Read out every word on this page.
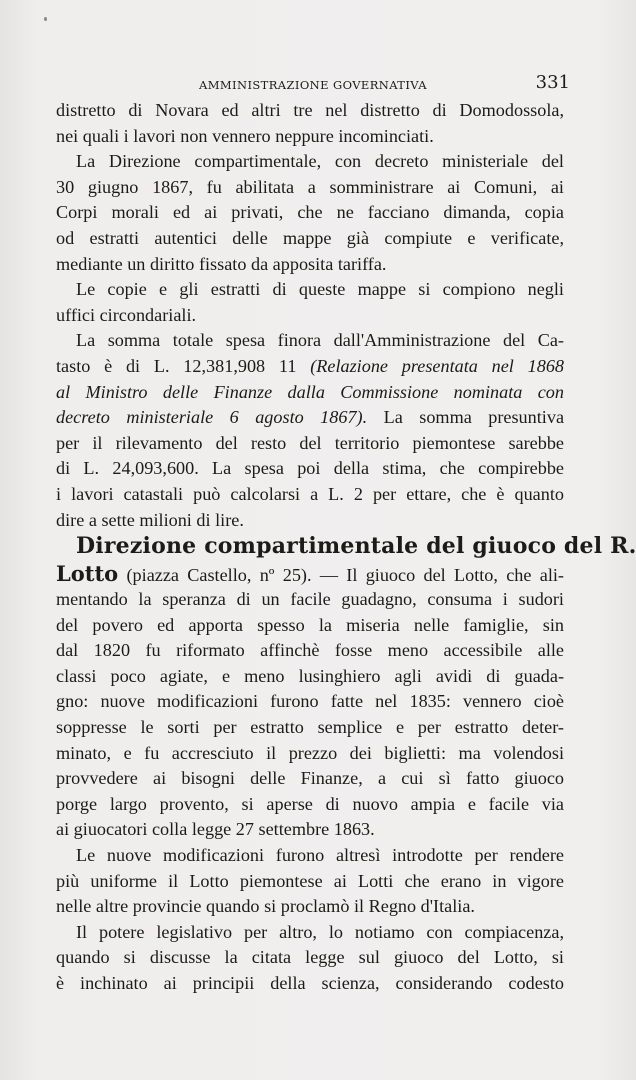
AMMINISTRAZIONE GOVERNATIVA	331
distretto di Novara ed altri tre nel distretto di Domodossola,
nei quali i lavori non vennero neppure incominciati.
La Direzione compartimentale, con decreto ministeriale del
30 giugno 1867, fu abilitata a somministrare ai Comuni, ai
Corpi morali ed ai privati, che ne facciano dimanda, copia
od estratti autentici delle mappe già compiute e verificate,
mediante un diritto fissato da apposita tariffa.
Le copie e gli estratti di queste mappe si compiono negli
uffici circondariali.
La somma totale spesa finora dall'Amministrazione del Ca-
tasto è di L. 12,381,908 11 (Relazione presentata nel 1868
al Ministro delle Finanze dalla Commissione nominata con
decreto ministeriale 6 agosto 1867). La somma presuntiva
per il rilevamento del resto del territorio piemontese sarebbe
di L. 24,093,600. La spesa poi della stima, che compirebbe
i lavori catastali può calcolarsi a L. 2 per ettare, che è quanto
dire a sette milioni di lire.
Direzione compartimentale del giuoco del R.
Lotto (piazza Castello, nº 25). — Il giuoco del Lotto, che ali-
mentando la speranza di un facile guadagno, consuma i sudori
del povero ed apporta spesso la miseria nelle famiglie, sin
dal 1820 fu riformato affinchè fosse meno accessibile alle
classi poco agiate, e meno lusinghiero agli avidi di guada-
gno: nuove modificazioni furono fatte nel 1835: vennero cioè
soppresse le sorti per estratto semplice e per estratto deter-
minato, e fu accresciuto il prezzo dei biglietti: ma volendosi
provvedere ai bisogni delle Finanze, a cui sì fatto giuoco
porge largo provento, si aperse di nuovo ampia e facile via
ai giuocatori colla legge 27 settembre 1863.
Le nuove modificazioni furono altresì introdotte per rendere
più uniforme il Lotto piemontese ai Lotti che erano in vigore
nelle altre provincie quando si proclamò il Regno d'Italia.
Il potere legislativo per altro, lo notiamo con compiacenza,
quando si discusse la citata legge sul giuoco del Lotto, si
è inchinato ai principii della scienza, considerando codesto
